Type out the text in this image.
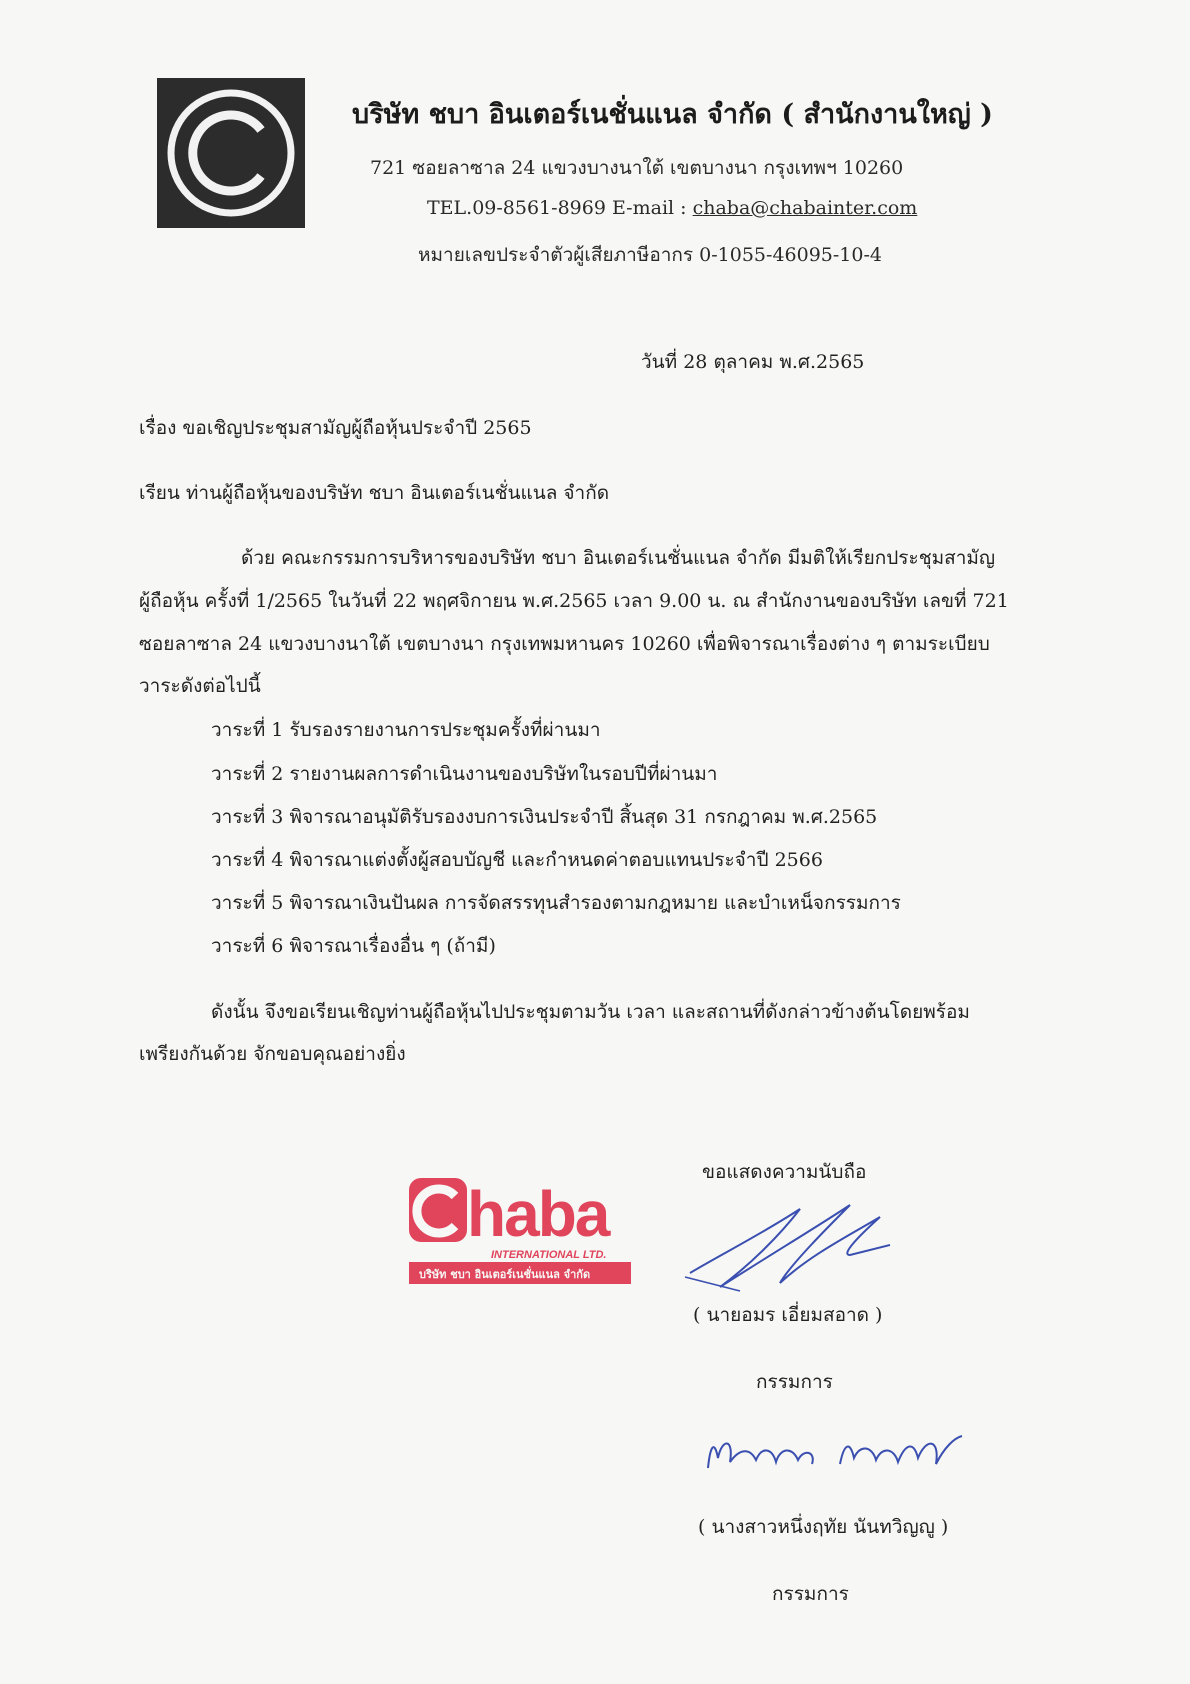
บริษัท ชบา อินเตอร์เนชั่นแนล จำกัด ( สำนักงานใหญ่ )
721 ซอยลาซาล 24 แขวงบางนาใต้ เขตบางนา กรุงเทพฯ 10260
TEL.09-8561-8969 E-mail : chaba@chabainter.com
หมายเลขประจำตัวผู้เสียภาษีอากร 0-1055-46095-10-4
วันที่ 28 ตุลาคม พ.ศ.2565
เรื่อง ขอเชิญประชุมสามัญผู้ถือหุ้นประจำปี 2565
เรียน ท่านผู้ถือหุ้นของบริษัท ชบา อินเตอร์เนชั่นแนล จำกัด
ด้วย คณะกรรมการบริหารของบริษัท ชบา อินเตอร์เนชั่นแนล จำกัด มีมติให้เรียกประชุมสามัญ
ผู้ถือหุ้น ครั้งที่ 1/2565 ในวันที่ 22 พฤศจิกายน พ.ศ.2565 เวลา 9.00 น. ณ สำนักงานของบริษัท เลขที่ 721
ซอยลาซาล 24 แขวงบางนาใต้ เขตบางนา กรุงเทพมหานคร 10260 เพื่อพิจารณาเรื่องต่าง ๆ ตามระเบียบ
วาระดังต่อไปนี้
วาระที่ 1 รับรองรายงานการประชุมครั้งที่ผ่านมา
วาระที่ 2 รายงานผลการดำเนินงานของบริษัทในรอบปีที่ผ่านมา
วาระที่ 3 พิจารณาอนุมัติรับรองงบการเงินประจำปี สิ้นสุด 31 กรกฎาคม พ.ศ.2565
วาระที่ 4 พิจารณาแต่งตั้งผู้สอบบัญชี และกำหนดค่าตอบแทนประจำปี 2566
วาระที่ 5 พิจารณาเงินปันผล การจัดสรรทุนสำรองตามกฎหมาย และบำเหน็จกรรมการ
วาระที่ 6 พิจารณาเรื่องอื่น ๆ (ถ้ามี)
ดังนั้น จึงขอเรียนเชิญท่านผู้ถือหุ้นไปประชุมตามวัน เวลา และสถานที่ดังกล่าวข้างต้นโดยพร้อม
เพรียงกันด้วย จักขอบคุณอย่างยิ่ง
ขอแสดงความนับถือ
haba
INTERNATIONAL LTD.
บริษัท ชบา อินเตอร์เนชั่นแนล จำกัด
( นายอมร เอี่ยมสอาด )
กรรมการ
( นางสาวหนึ่งฤทัย นันทวิญญู )
กรรมการ
